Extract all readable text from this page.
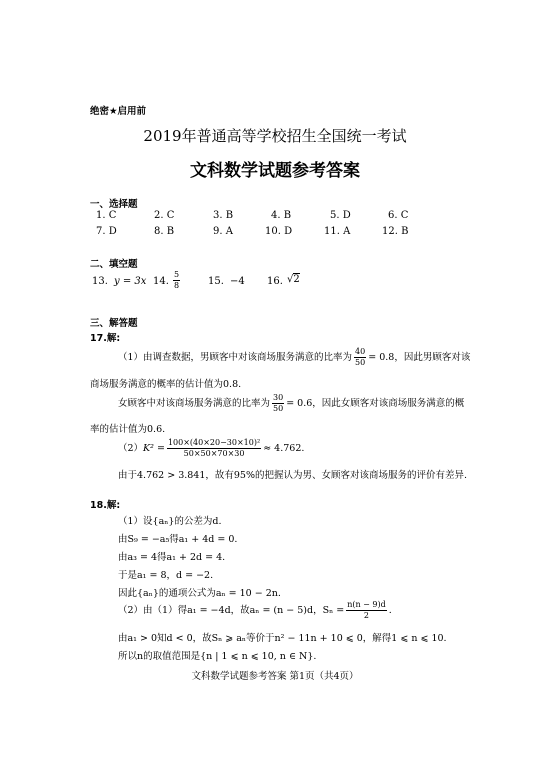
绝密★启用前
2019年普通高等学校招生全国统一考试
文科数学试题参考答案
一、选择题
1. C	2. C	3. B	4. B	5. D	6. C
7. D	8. B	9. A	10. D	11. A	12. B
二、填空题
13. y = 3x 14. $\frac{5}{8}$	15. −4 16. √2
三、解答题
17.解:
（1）由调查数据，男顾客中对该商场服务满意的比率为 $\frac{40}{50} = 0.8$，因此男顾客对该
商场服务满意的概率的估计值为0.8.
女顾客中对该商场服务满意的比率为 $\frac{30}{50} = 0.6$，因此女顾客对该商场服务满意的概
率的估计值为0.6.
$(2)K^2 = \frac{\text{100×(40×20−30×10)²}}{50\times 50\times 70\times 30} \approx 4.762$.
由于4.762 > 3.841，故有95%的把握认为男、女顾客对该商场服务的评价有差异.
18.解:
（1）设{aₙ}的公差为d.
由S₉ = −a₅得a₁ + 4d = 0.
由a₃ = 4得a₁ + 2d = 4.
于是a₁ = 8，d = −2.
因此{aₙ}的通项公式为aₙ = 10 − 2n.
（2）由（1）得a₁ = −4d，故aₙ = (n − 5)d，$S_n = \frac{n(n - 9)d}{2}$ .
由a₁ > 0知d < 0，故Sₙ ⩾ aₙ等价于n² − 11n + 10 ⩽ 0，解得1 ⩽ n ⩽ 10.
所以n的取值范围是{n | 1 ⩽ n ⩽ 10, n ∈ N}.
文科数学试题参考答案 第1页（共4页）
